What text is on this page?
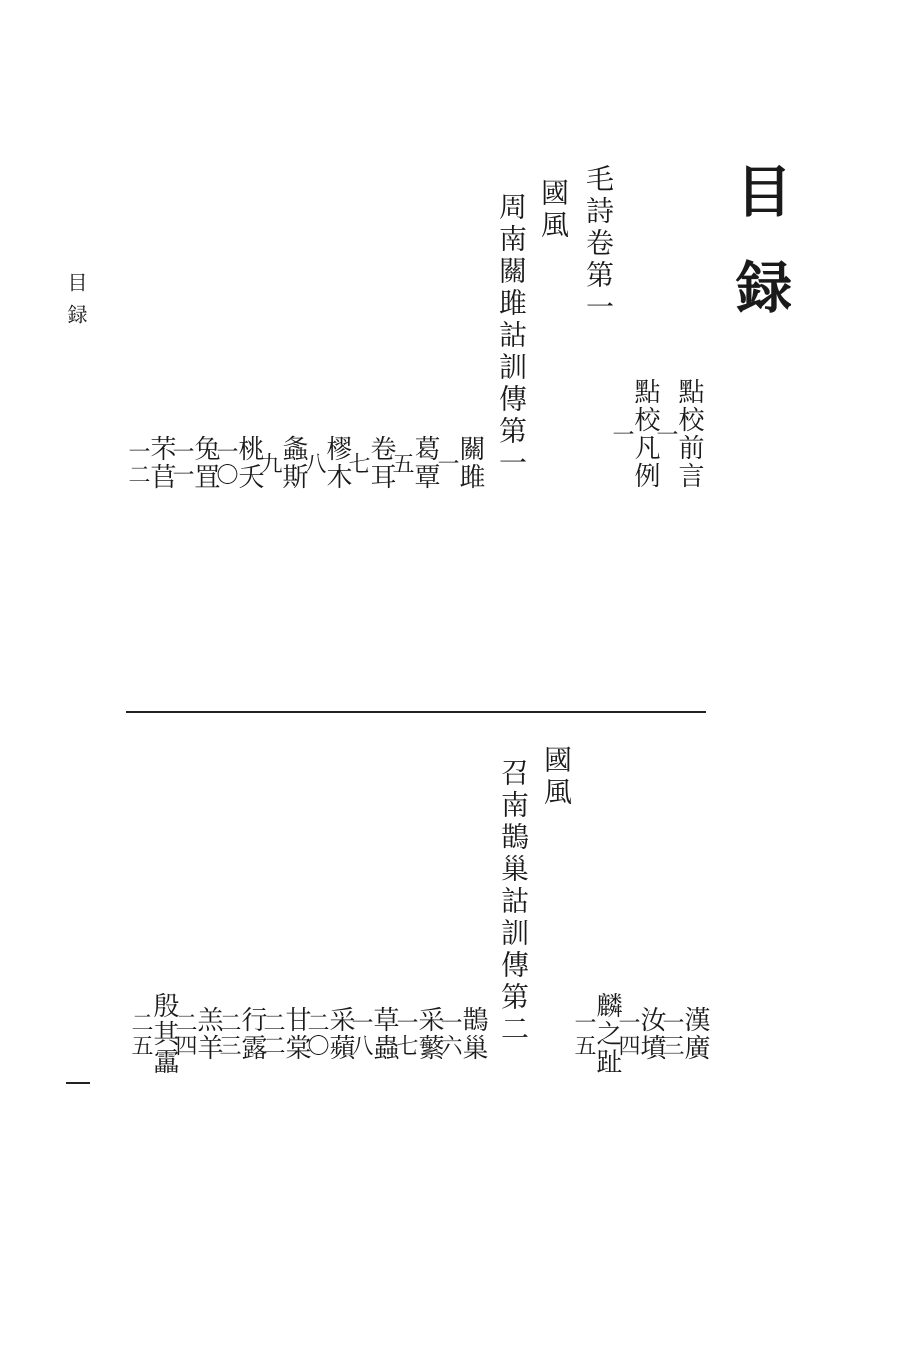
目録
目録
點校前言
一
點校凡例
一
毛詩卷第一
國風
周南關雎詁訓傳第一
關雎
一
葛覃
五
卷耳
七
樛木
八
螽斯
九
桃夭
一〇
兔罝
一一
芣苢
一二
漢廣
一三
汝墳
一四
麟之趾
一五
國風
召南鵲巢詁訓傳第二
鵲巢
一六
采蘩
一七
草蟲
一八
采蘋
二〇
甘棠
二二
行露
二三
羔羊
二四
殷其靁
二五
